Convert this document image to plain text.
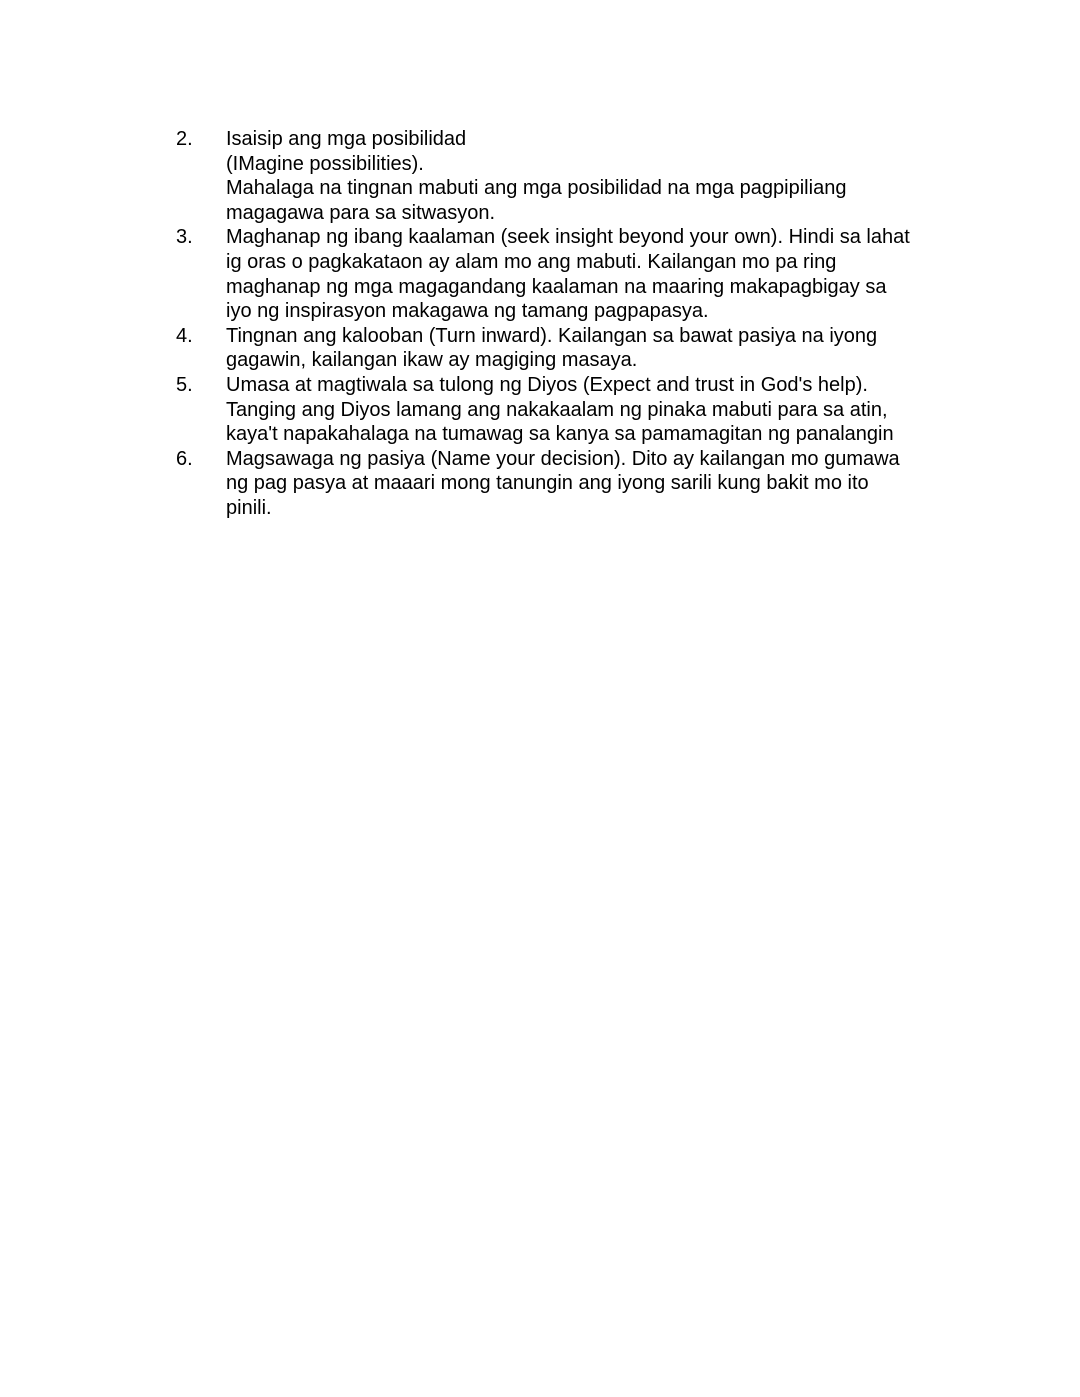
2.	Isaisip ang mga posibilidad
(IMagine possibilities).
Mahalaga na tingnan mabuti ang mga posibilidad na mga pagpipiliang
magagawa para sa sitwasyon.
3.	Maghanap ng ibang kaalaman (seek insight beyond your own). Hindi sa lahat
ig oras o pagkakataon ay alam mo ang mabuti. Kailangan mo pa ring
maghanap ng mga magagandang kaalaman na maaring makapagbigay sa
iyo ng inspirasyon makagawa ng tamang pagpapasya.
4.	Tingnan ang kalooban (Turn inward). Kailangan sa bawat pasiya na iyong
gagawin, kailangan ikaw ay magiging masaya.
5.	Umasa at magtiwala sa tulong ng Diyos (Expect and trust in God's help).
Tanging ang Diyos lamang ang nakakaalam ng pinaka mabuti para sa atin,
kaya't napakahalaga na tumawag sa kanya sa pamamagitan ng panalangin
6.	Magsawaga ng pasiya (Name your decision). Dito ay kailangan mo gumawa
ng pag pasya at maaari mong tanungin ang iyong sarili kung bakit mo ito
pinili.
